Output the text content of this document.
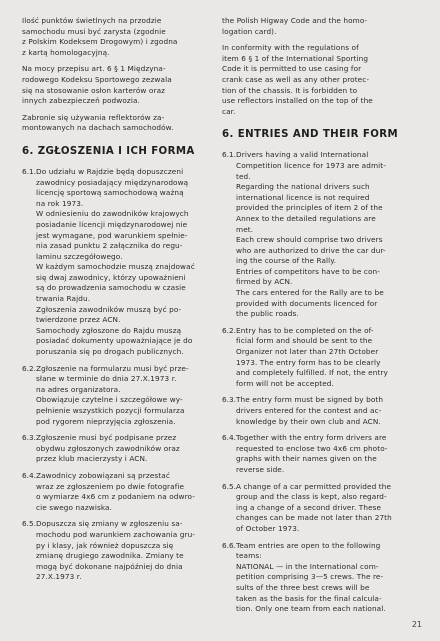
Ilość punktów świetlnych na przodzie
samochodu musi być zarysta (zgodnie
z Polskim Kodeksem Drogowym) i zgodna
z kartą homologacyjną.

Na mocy przepisu art. 6 § 1 Międzyna-
rodowego Kodeksu Sportowego zezwala
się na stosowanie osłon karterów oraz
innych zabezpieczeń podwozia.

Zabronie się używania reflektorów za-
montowanych na dachach samochodów.

6. ZGŁOSZENIA I ICH FORMA
6.1. Do udziału w Rajdzie będą dopuszczeni
zawodnicy posiadający międzynarodową
licencję sportową samochodową ważną
na rok 1973.
W odniesieniu do zawodników krajowych
posiadanie licencji międzynarodowej nie
jest wymagane, pod warunkiem spełnie-
nia zasad punktu 2 załącznika do regu-
laminu szczegółowego.
W każdym samochodzie muszą znajdować
się dwaj zawodnicy, którzy upoważnieni
są do prowadzenia samochodu w czasie
trwania Rajdu.
Zgłoszenia zawodników muszą być po-
twierdzone przez ACN.
Samochody zgłoszone do Rajdu muszą
posiadać dokumenty upoważniające je do
poruszania się po drogach publicznych.
6.2. Zgłoszenie na formularzu musi być prze-
słane w terminie do dnia 27.X.1973 r.
na adres organizatora.
Obowiązuje czytelne i szczegółowe wy-
pełnienie wszystkich pozycji formularza
pod rygorem nieprzyjęcia zgłoszenia.
6.3. Zgłoszenie musi być podpisane przez
obydwu zgłoszonych zawodników oraz
przez klub macierzysty i ACN.
6.4. Zawodnicy zobowiązani są przestać
wraz ze zgłoszeniem po dwie fotografie
o wymiarze 4x6 cm z podaniem na odwro-
cie swego nazwiska.
6.5. Dopuszcza się zmiany w zgłoszeniu sa-
mochodu pod warunkiem zachowania gru-
py i klasy, jak również dopuszcza się
zmianę drugiego zawodnika. Zmiany te
mogą być dokonane najpóźniej do dnia
27.X.1973 r.

the Polish Higway Code and the homo-
logation card).

In conformity with the regulations of
item 6 § 1 of the International Sporting
Code it is permitted to use casing for
crank case as well as any other protec-
tion of the chassis. It is forbidden to
use reflectors installed on the top of the
car.

6. ENTRIES AND THEIR FORM
6.1. Drivers having a valid International
Competition licence for 1973 are admit-
ted.
Regarding the national drivers such
international licence is not required
provided the principles of item 2 of the
Annex to the detailed regulations are
met.
Each crew should comprise two drivers
who are authorized to drive the car dur-
ing the course of the Rally.
Entries of competitors have to be con-
firmed by ACN.
The cars entered for the Rally are to be
provided with documents licenced for
the public roads.
6.2. Entry has to be completed on the of-
ficial form and should be sent to the
Organizer not later than 27th October
1973. The entry form has to be clearly
and completely fulfilled. If not, the entry
form will not be accepted.
6.3. The entry form must be signed by both
drivers entered for the contest and ac-
knowledge by their own club and ACN.
6.4. Together with the entry form drivers are
requested to enclose two 4x6 cm photo-
graphs with their names given on the
reverse side.
6.5. A change of a car permitted provided the
group and the class is kept, also regard-
ing a change of a second driver. These
changes can be made not later than 27th
of October 1973.
6.6. Team entries are open to the following
teams:
NATIONAL — in the International com-
petition comprising 3—5 crews. The re-
sults of the three best crews will be
taken as the basis for the final calcula-
tion. Only one team from each national.
21
